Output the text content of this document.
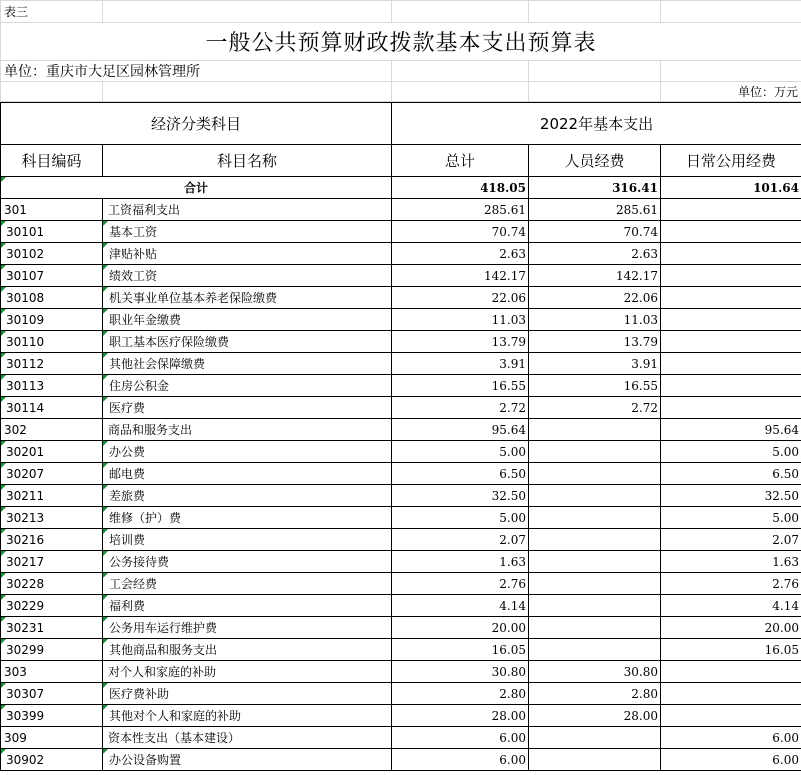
表三				
一般公共预算财政拨款基本支出预算表				
单位：重庆市大足区园林管理所				
				单位：万元
经济分类科目		2022年基本支出		
科目编码	科目名称	总计	人员经费	日常公用经费
合计		418.05	316.41	101.64
301	工资福利支出	285.61	285.61	
30101	基本工资	70.74	70.74	
30102	津贴补贴	2.63	2.63	
30107	绩效工资	142.17	142.17	
30108	机关事业单位基本养老保险缴费	22.06	22.06	
30109	职业年金缴费	11.03	11.03	
30110	职工基本医疗保险缴费	13.79	13.79	
30112	其他社会保障缴费	3.91	3.91	
30113	住房公积金	16.55	16.55	
30114	医疗费	2.72	2.72	
302	商品和服务支出	95.64		95.64
30201	办公费	5.00		5.00
30207	邮电费	6.50		6.50
30211	差旅费	32.50		32.50
30213	维修（护）费	5.00		5.00
30216	培训费	2.07		2.07
30217	公务接待费	1.63		1.63
30228	工会经费	2.76		2.76
30229	福利费	4.14		4.14
30231	公务用车运行维护费	20.00		20.00
30299	其他商品和服务支出	16.05		16.05
303	对个人和家庭的补助	30.80	30.80	
30307	医疗费补助	2.80	2.80	
30399	其他对个人和家庭的补助	28.00	28.00	
309	资本性支出（基本建设）	6.00		6.00
30902	办公设备购置	6.00		6.00
